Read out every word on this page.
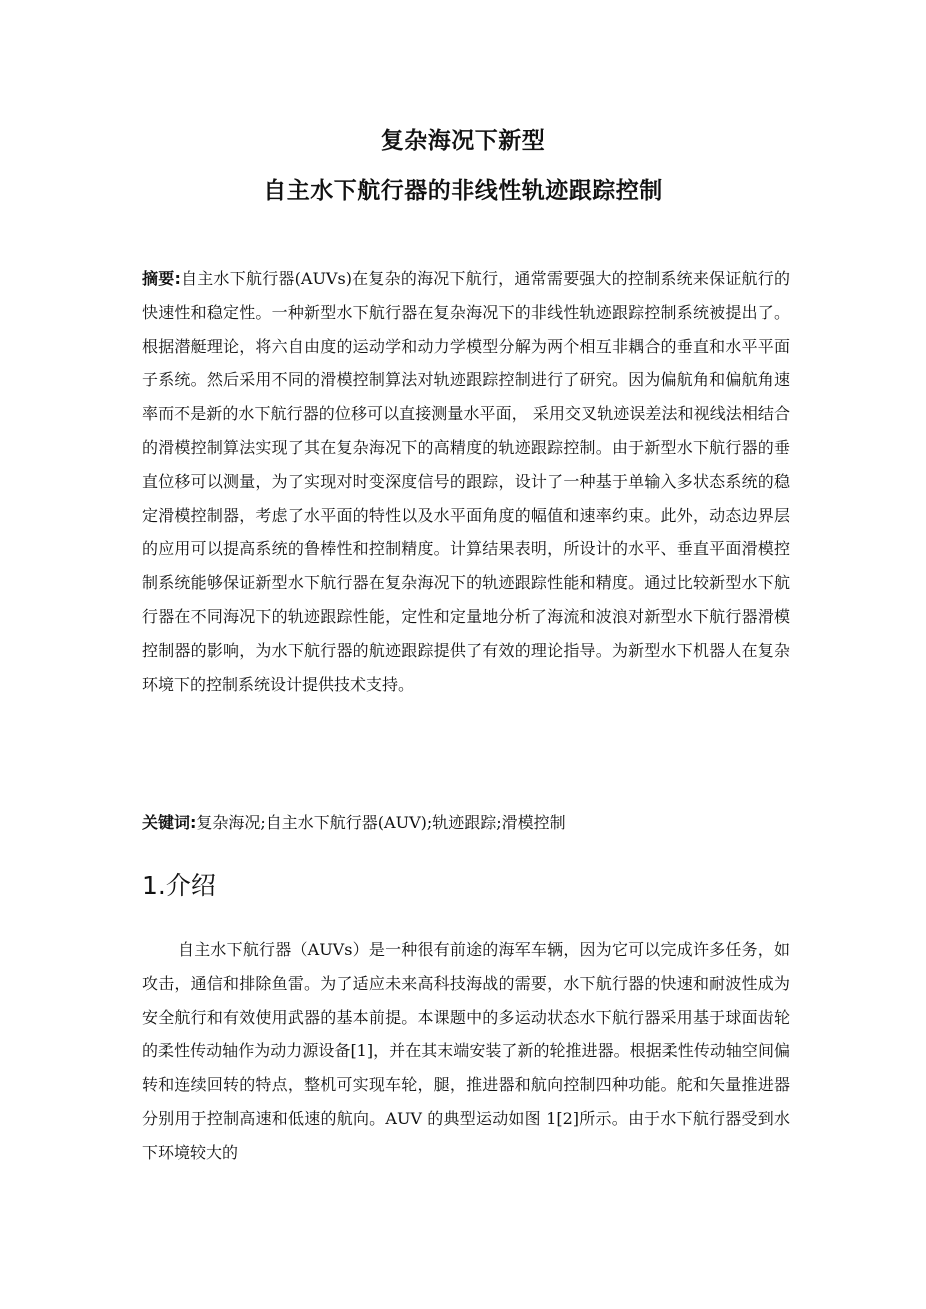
复杂海况下新型
自主水下航行器的非线性轨迹跟踪控制

摘要:自主水下航行器(AUVs)在复杂的海况下航行，通常需要强大的控制系统来保证航行的快速性和稳定性。一种新型水下航行器在复杂海况下的非线性轨迹跟踪控制系统被提出了。根据潜艇理论，将六自由度的运动学和动力学模型分解为两个相互非耦合的垂直和水平平面子系统。然后采用不同的滑模控制算法对轨迹跟踪控制进行了研究。因为偏航角和偏航角速率而不是新的水下航行器的位移可以直接测量水平面， 采用交叉轨迹误差法和视线法相结合的滑模控制算法实现了其在复杂海况下的高精度的轨迹跟踪控制。由于新型水下航行器的垂直位移可以测量，为了实现对时变深度信号的跟踪，设计了一种基于单输入多状态系统的稳定滑模控制器，考虑了水平面的特性以及水平面角度的幅值和速率约束。此外，动态边界层的应用可以提高系统的鲁棒性和控制精度。计算结果表明，所设计的水平、垂直平面滑模控制系统能够保证新型水下航行器在复杂海况下的轨迹跟踪性能和精度。通过比较新型水下航行器在不同海况下的轨迹跟踪性能，定性和定量地分析了海流和波浪对新型水下航行器滑模控制器的影响，为水下航行器的航迹跟踪提供了有效的理论指导。为新型水下机器人在复杂环境下的控制系统设计提供技术支持。

关键词:复杂海况;自主水下航行器(AUV);轨迹跟踪;滑模控制

1.介绍

自主水下航行器（AUVs）是一种很有前途的海军车辆，因为它可以完成许多任务，如攻击，通信和排除鱼雷。为了适应未来高科技海战的需要，水下航行器的快速和耐波性成为安全航行和有效使用武器的基本前提。本课题中的多运动状态水下航行器采用基于球面齿轮的柔性传动轴作为动力源设备[1]，并在其末端安装了新的轮推进器。根据柔性传动轴空间偏转和连续回转的特点，整机可实现车轮，腿，推进器和航向控制四种功能。舵和矢量推进器分别用于控制高速和低速的航向。AUV 的典型运动如图 1[2]所示。由于水下航行器受到水下环境较大的
